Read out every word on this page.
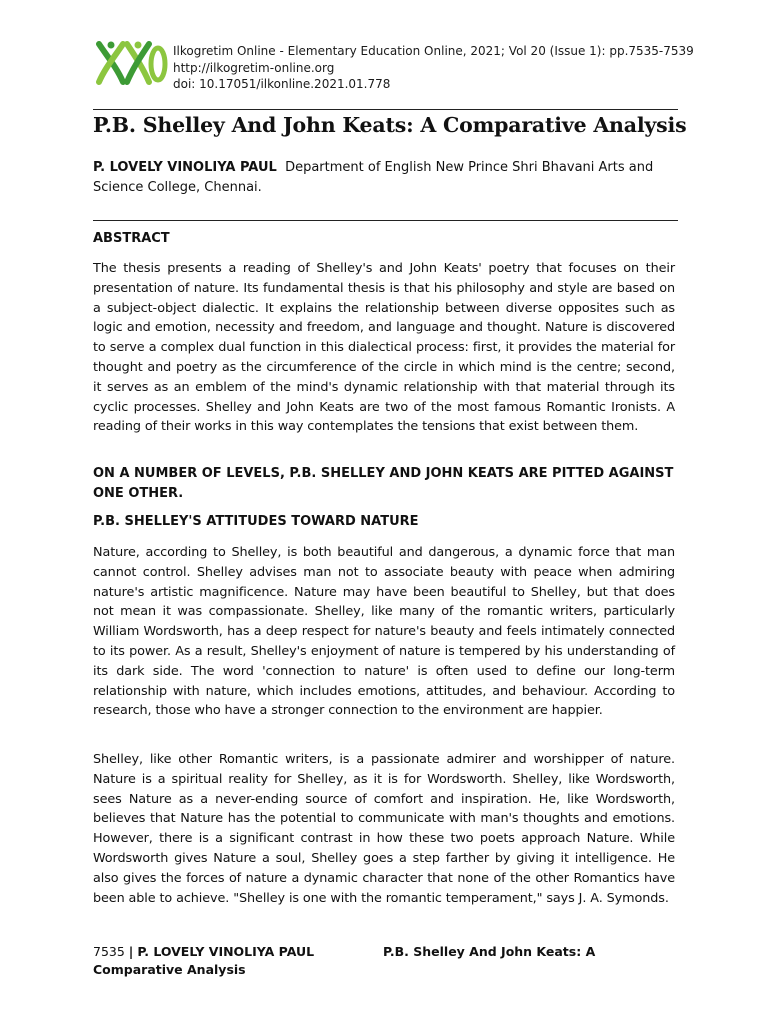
Ilkogretim Online - Elementary Education Online, 2021; Vol 20 (Issue 1): pp.7535-7539
http://ilkogretim-online.org
doi: 10.17051/ilkonline.2021.01.778
P.B. Shelley And John Keats: A Comparative Analysis

P. LOVELY VINOLIYA PAUL Department of English New Prince Shri Bhavani Arts and Science College, Chennai.

ABSTRACT

The thesis presents a reading of Shelley's and John Keats' poetry that focuses on their presentation of nature. Its fundamental thesis is that his philosophy and style are based on a subject-object dialectic. It explains the relationship between diverse opposites such as logic and emotion, necessity and freedom, and language and thought. Nature is discovered to serve a complex dual function in this dialectical process: first, it provides the material for thought and poetry as the circumference of the circle in which mind is the centre; second, it serves as an emblem of the mind's dynamic relationship with that material through its cyclic processes. Shelley and John Keats are two of the most famous Romantic Ironists. A reading of their works in this way contemplates the tensions that exist between them.

ON A NUMBER OF LEVELS, P.B. SHELLEY AND JOHN KEATS ARE PITTED AGAINST ONE OTHER.

P.B. SHELLEY'S ATTITUDES TOWARD NATURE

Nature, according to Shelley, is both beautiful and dangerous, a dynamic force that man cannot control. Shelley advises man not to associate beauty with peace when admiring nature's artistic magnificence. Nature may have been beautiful to Shelley, but that does not mean it was compassionate. Shelley, like many of the romantic writers, particularly William Wordsworth, has a deep respect for nature's beauty and feels intimately connected to its power. As a result, Shelley's enjoyment of nature is tempered by his understanding of its dark side. The word 'connection to nature' is often used to define our long-term relationship with nature, which includes emotions, attitudes, and behaviour. According to research, those who have a stronger connection to the environment are happier.

Shelley, like other Romantic writers, is a passionate admirer and worshipper of nature. Nature is a spiritual reality for Shelley, as it is for Wordsworth. Shelley, like Wordsworth, sees Nature as a never-ending source of comfort and inspiration. He, like Wordsworth, believes that Nature has the potential to communicate with man's thoughts and emotions. However, there is a significant contrast in how these two poets approach Nature. While Wordsworth gives Nature a soul, Shelley goes a step farther by giving it intelligence. He also gives the forces of nature a dynamic character that none of the other Romantics have been able to achieve. "Shelley is one with the romantic temperament," says J. A. Symonds.

7535 | P. LOVELY VINOLIYA PAUL
Comparative Analysis
P.B. Shelley And John Keats: A
